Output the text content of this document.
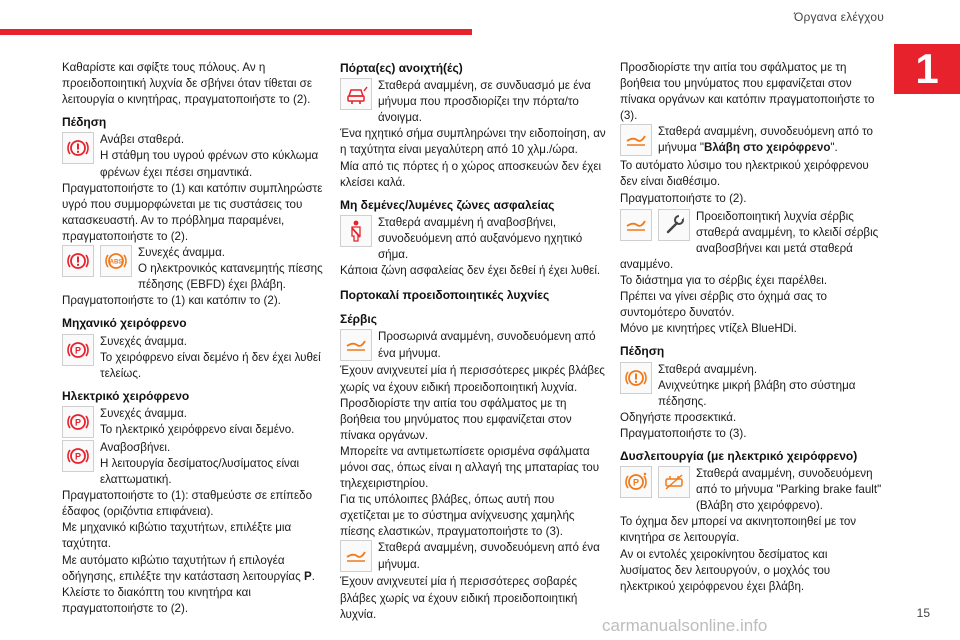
Όργανα ελέγχου
1
15
carmanualsonline.info

Καθαρίστε και σφίξτε τους πόλους. Αν η προειδοποιητική λυχνία δε σβήνει όταν τίθεται σε λειτουργία ο κινητήρας, πραγματοποιήστε το (2).

Πέδηση
Ανάβει σταθερά.
Η στάθμη του υγρού φρένων στο κύκλωμα φρένων έχει πέσει σημαντικά.

Πραγματοποιήστε το (1) και κατόπιν συμπληρώστε υγρό που συμμορφώνεται με τις συστάσεις του κατασκευαστή. Αν το πρόβλημα παραμένει, πραγματοποιήστε το (2).

Συνεχές άναμμα.
Ο ηλεκτρονικός κατανεμητής πίεσης πέδησης (EBFD) έχει βλάβη.

Πραγματοποιήστε το (1) και κατόπιν το (2).

Μηχανικό χειρόφρενο
Συνεχές άναμμα.
Το χειρόφρενο είναι δεμένο ή δεν έχει λυθεί τελείως.
Ηλεκτρικό χειρόφρενο
Συνεχές άναμμα.
Το ηλεκτρικό χειρόφρενο είναι δεμένο.
Αναβοσβήνει.
Η λειτουργία δεσίματος/λυσίματος είναι ελαττωματική.

Πραγματοποιήστε το (1): σταθμεύστε σε επίπεδο έδαφος (οριζόντια επιφάνεια).

Με μηχανικό κιβώτιο ταχυτήτων, επιλέξτε μια ταχύτητα.

Με αυτόματο κιβώτιο ταχυτήτων ή επιλογέα οδήγησης, επιλέξτε την κατάσταση λειτουργίας P.

Κλείστε το διακόπτη του κινητήρα και πραγματοποιήστε το (2).

Πόρτα(ες) ανοιχτή(ές)
Σταθερά αναμμένη, σε συνδυασμό με ένα μήνυμα που προσδιορίζει την πόρτα/το άνοιγμα.

Ένα ηχητικό σήμα συμπληρώνει την ειδοποίηση, αν η ταχύτητα είναι μεγαλύτερη από 10 χλμ./ώρα.

Μία από τις πόρτες ή ο χώρος αποσκευών δεν έχει κλείσει καλά.

Μη δεμένες/λυμένες ζώνες ασφαλείας
Σταθερά αναμμένη ή αναβοσβήνει, συνοδευόμενη από αυξανόμενο ηχητικό σήμα.

Κάποια ζώνη ασφαλείας δεν έχει δεθεί ή έχει λυθεί.

Πορτοκαλί προειδοποιητικές λυχνίες
Σέρβις
Προσωρινά αναμμένη, συνοδευόμενη από ένα μήνυμα.

Έχουν ανιχνευτεί μία ή περισσότερες μικρές βλάβες χωρίς να έχουν ειδική προειδοποιητική λυχνία.

Προσδιορίστε την αιτία του σφάλματος με τη βοήθεια του μηνύματος που εμφανίζεται στον πίνακα οργάνων.

Μπορείτε να αντιμετωπίσετε ορισμένα σφάλματα μόνοι σας, όπως είναι η αλλαγή της μπαταρίας του τηλεχειριστηρίου.

Για τις υπόλοιπες βλάβες, όπως αυτή που σχετίζεται με το σύστημα ανίχνευσης χαμηλής πίεσης ελαστικών, πραγματοποιήστε το (3).

Σταθερά αναμμένη, συνοδευόμενη από ένα μήνυμα.

Έχουν ανιχνευτεί μία ή περισσότερες σοβαρές βλάβες χωρίς να έχουν ειδική προειδοποιητική λυχνία.

Προσδιορίστε την αιτία του σφάλματος με τη βοήθεια του μηνύματος που εμφανίζεται στον πίνακα οργάνων και κατόπιν πραγματοποιήστε το (3).

Σταθερά αναμμένη, συνοδευόμενη από το μήνυμα "Βλάβη στο χειρόφρενο".

Το αυτόματο λύσιμο του ηλεκτρικού χειρόφρενου δεν είναι διαθέσιμο.

Πραγματοποιήστε το (2).

Προειδοποιητική λυχνία σέρβις σταθερά αναμμένη, το κλειδί σέρβις αναβοσβήνει και μετά σταθερά αναμμένο.

Το διάστημα για το σέρβις έχει παρέλθει.

Πρέπει να γίνει σέρβις στο όχημά σας το συντομότερο δυνατόν.

Μόνο με κινητήρες ντίζελ BlueHDi.

Πέδηση
Σταθερά αναμμένη.
Ανιχνεύτηκε μικρή βλάβη στο σύστημα πέδησης.

Οδηγήστε προσεκτικά.

Πραγματοποιήστε το (3).

Δυσλειτουργία (με ηλεκτρικό χειρόφρενο)
Σταθερά αναμμένη, συνοδευόμενη από το μήνυμα "Parking brake fault" (Βλάβη στο χειρόφρενο).

Το όχημα δεν μπορεί να ακινητοποιηθεί με τον κινητήρα σε λειτουργία.

Αν οι εντολές χειροκίνητου δεσίματος και λυσίματος δεν λειτουργούν, ο μοχλός του ηλεκτρικού χειρόφρενου έχει βλάβη.
